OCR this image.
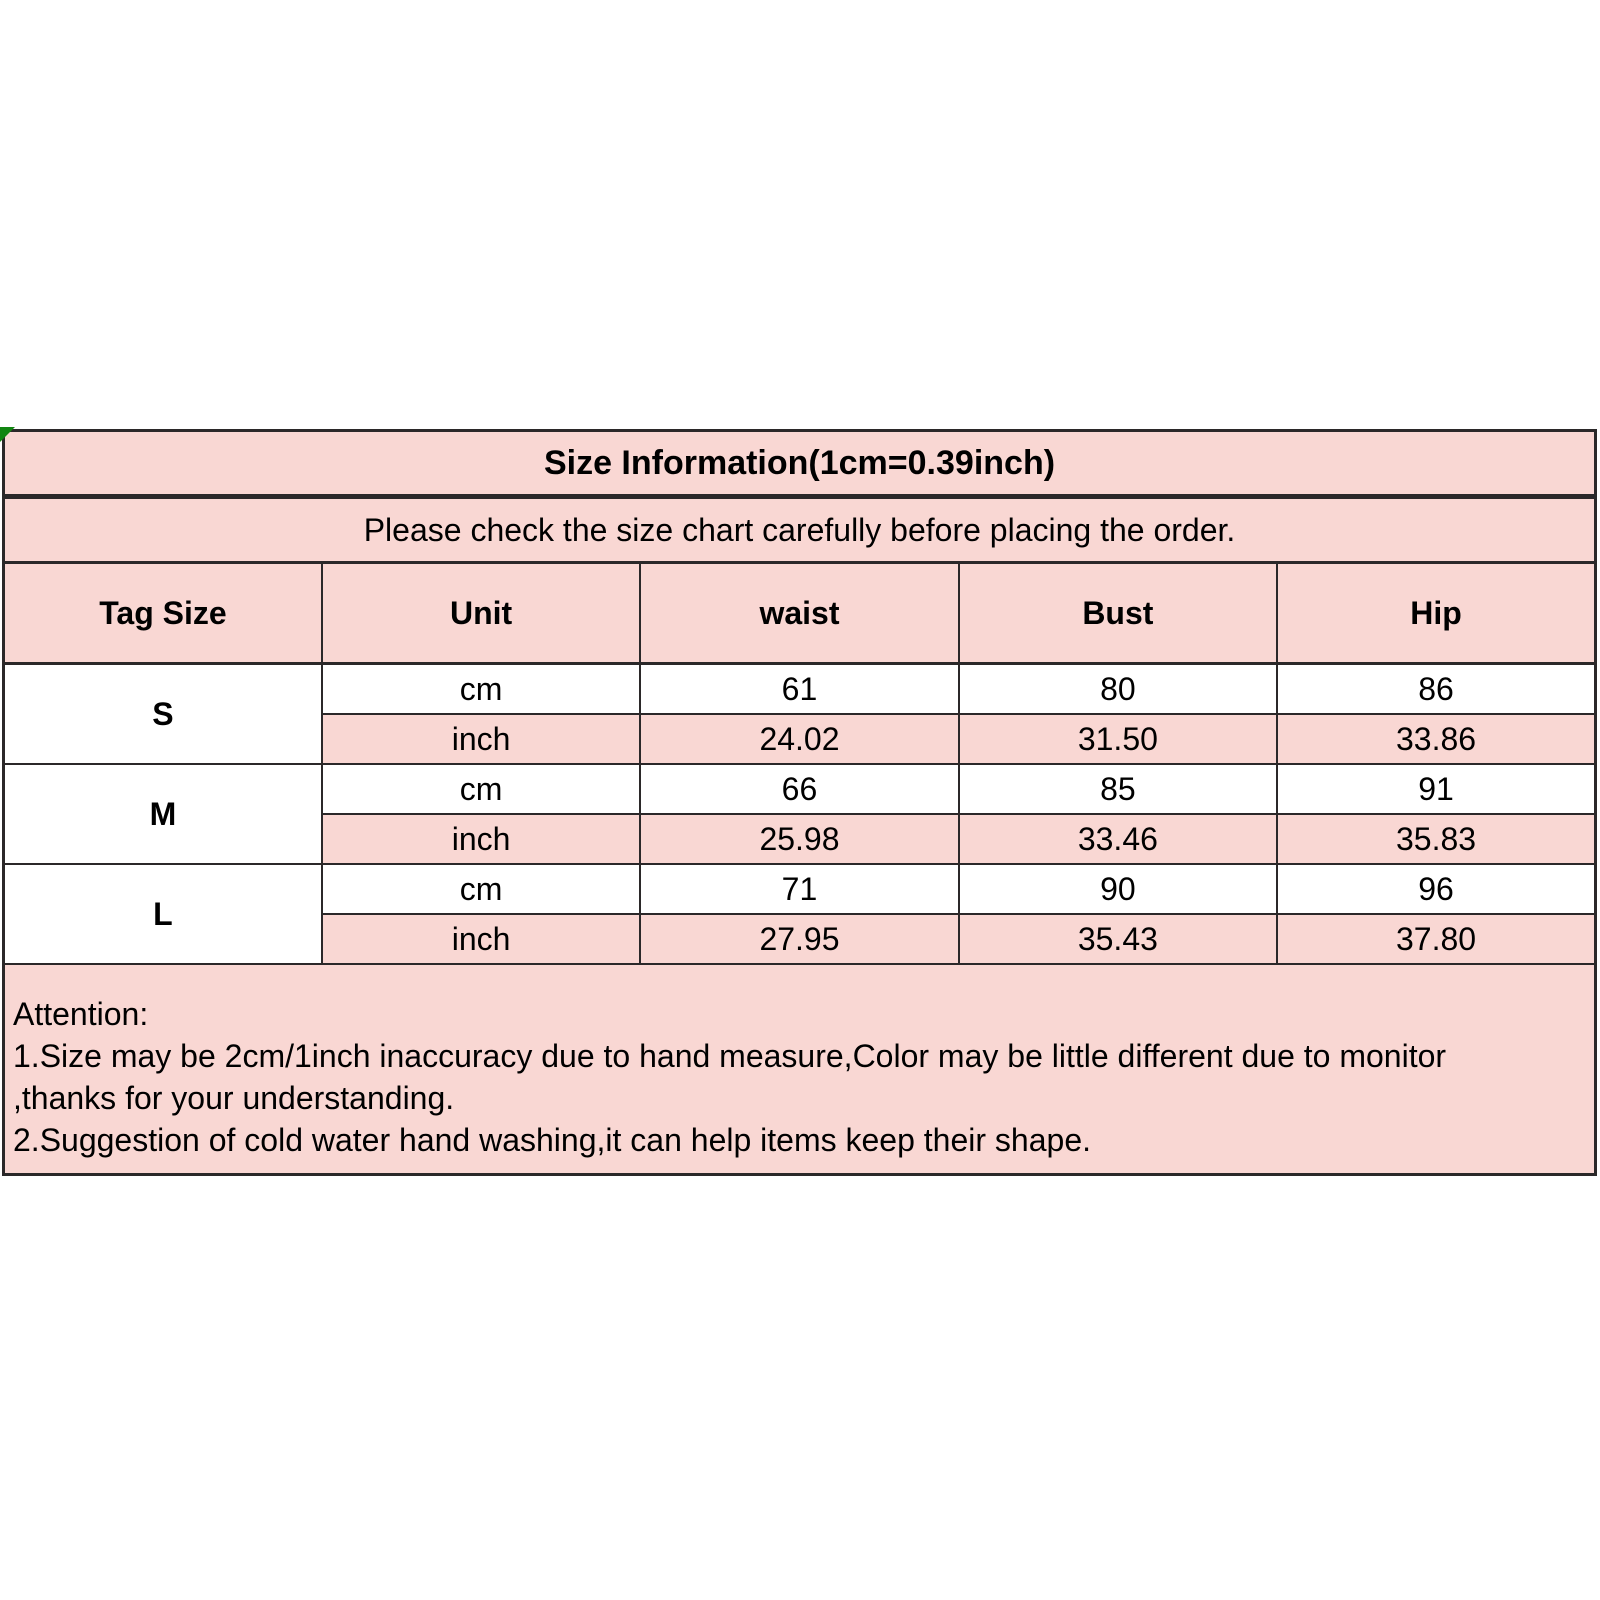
Size Information(1cm=0.39inch)				
Please check the size chart carefully before placing the order.				
Tag Size	Unit	waist	Bust	Hip
S	cm	61	80	86
	inch	24.02	31.50	33.86
M	cm	66	85	91
	inch	25.98	33.46	35.83
L	cm	71	90	96
	inch	27.95	35.43	37.80

Attention:
1.Size may be 2cm/1inch inaccuracy due to hand measure,Color may be little different due to monitor
,thanks for your understanding.
2.Suggestion of cold water hand washing,it can help items keep their shape.				
